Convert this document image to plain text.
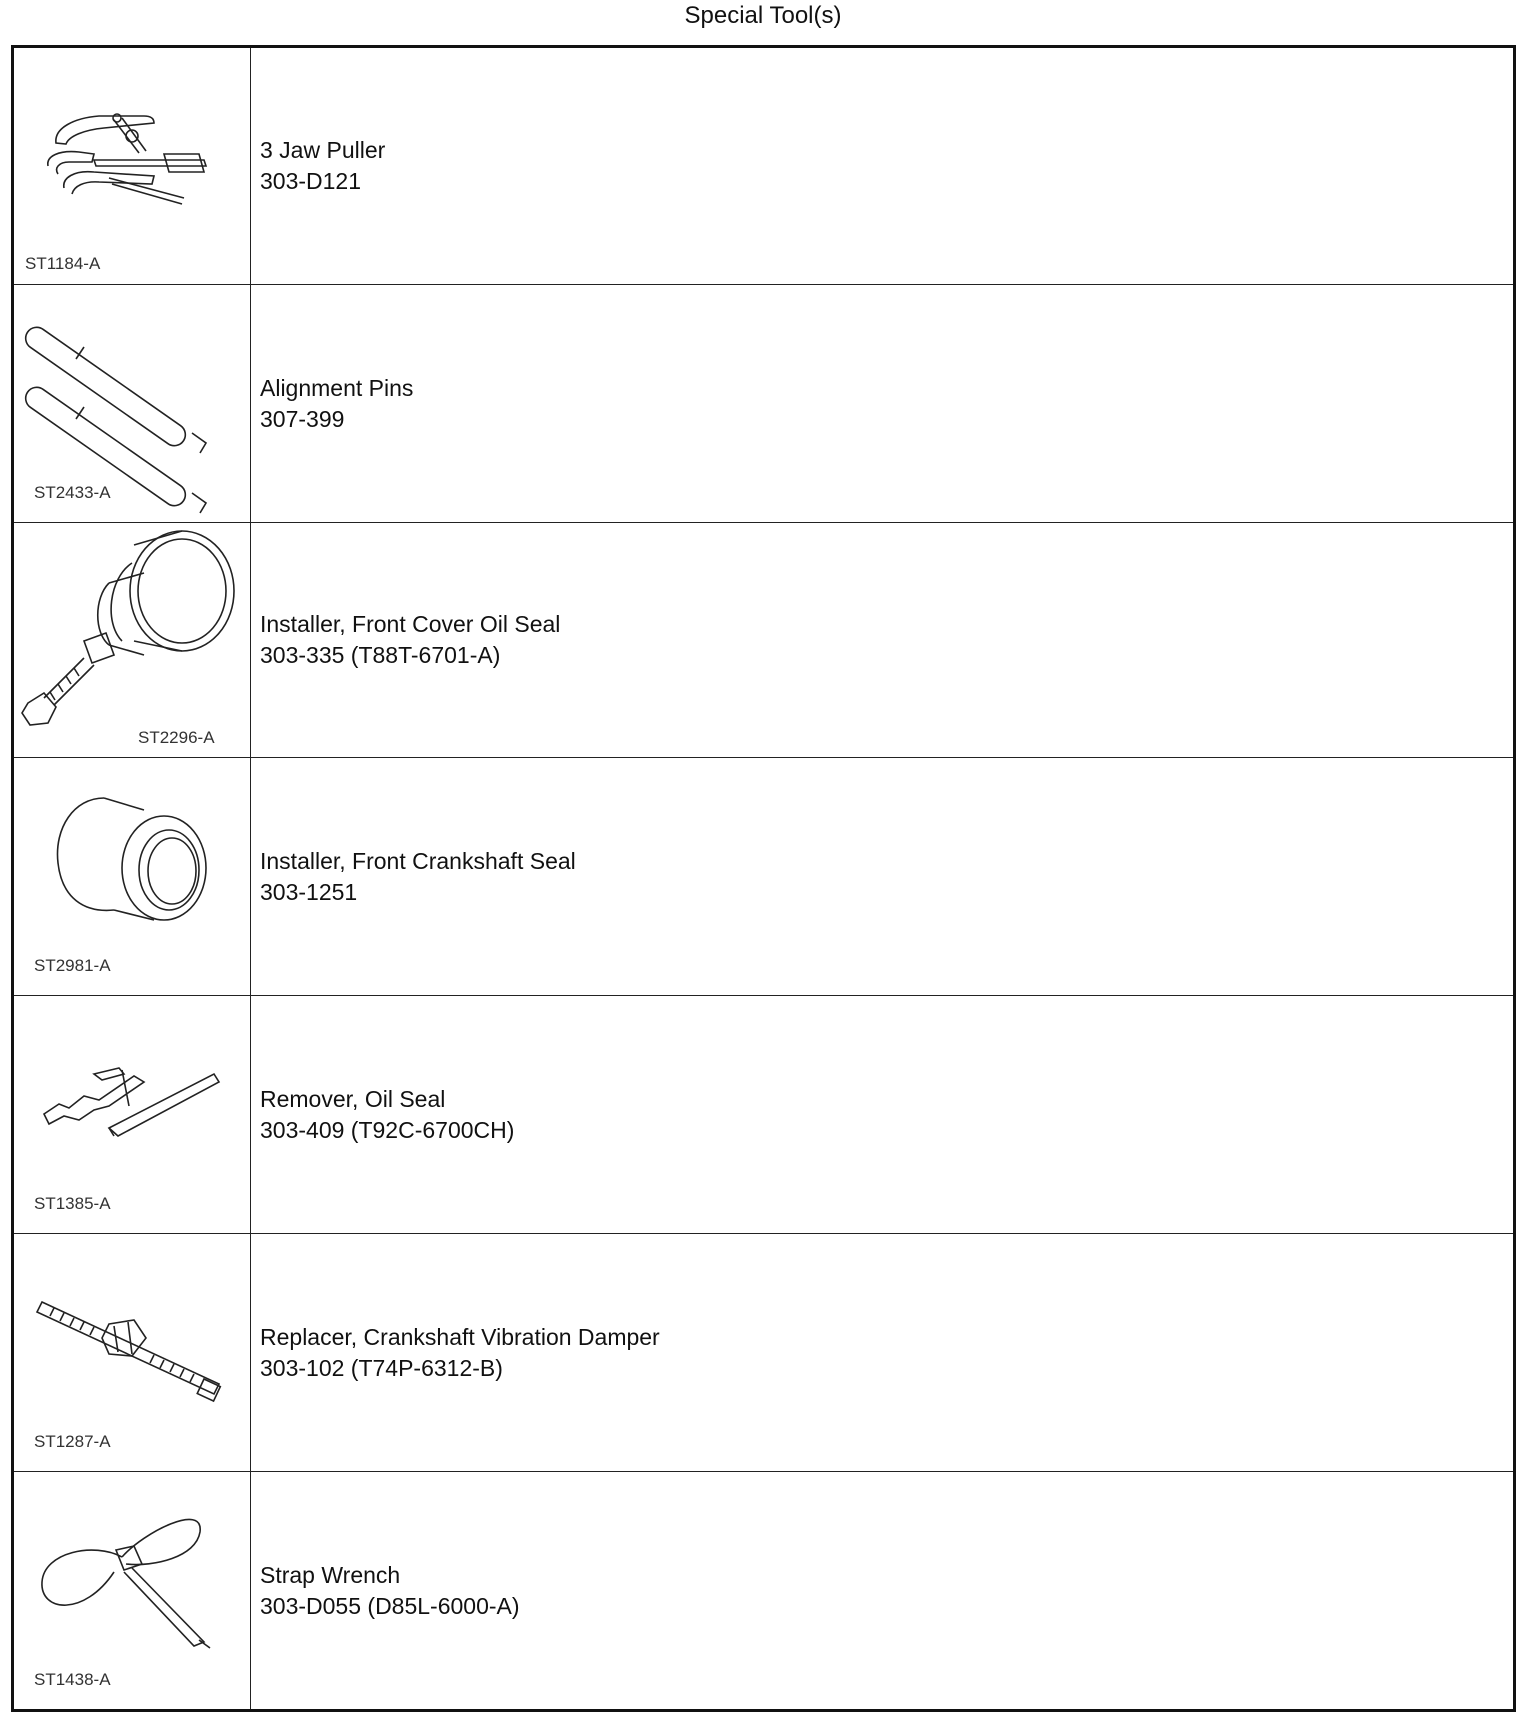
Special Tool(s)
ST1184-A	3 Jaw Puller
303-D121

ST2433-A	Alignment Pins
307-399

ST2296-A	Installer, Front Cover Oil Seal
303-335 (T88T-6701-A)

ST2981-A	Installer, Front Crankshaft Seal
303-1251

ST1385-A	Remover, Oil Seal
303-409 (T92C-6700CH)

ST1287-A	Replacer, Crankshaft Vibration Damper
303-102 (T74P-6312-B)

ST1438-A	Strap Wrench
303-D055 (D85L-6000-A)
